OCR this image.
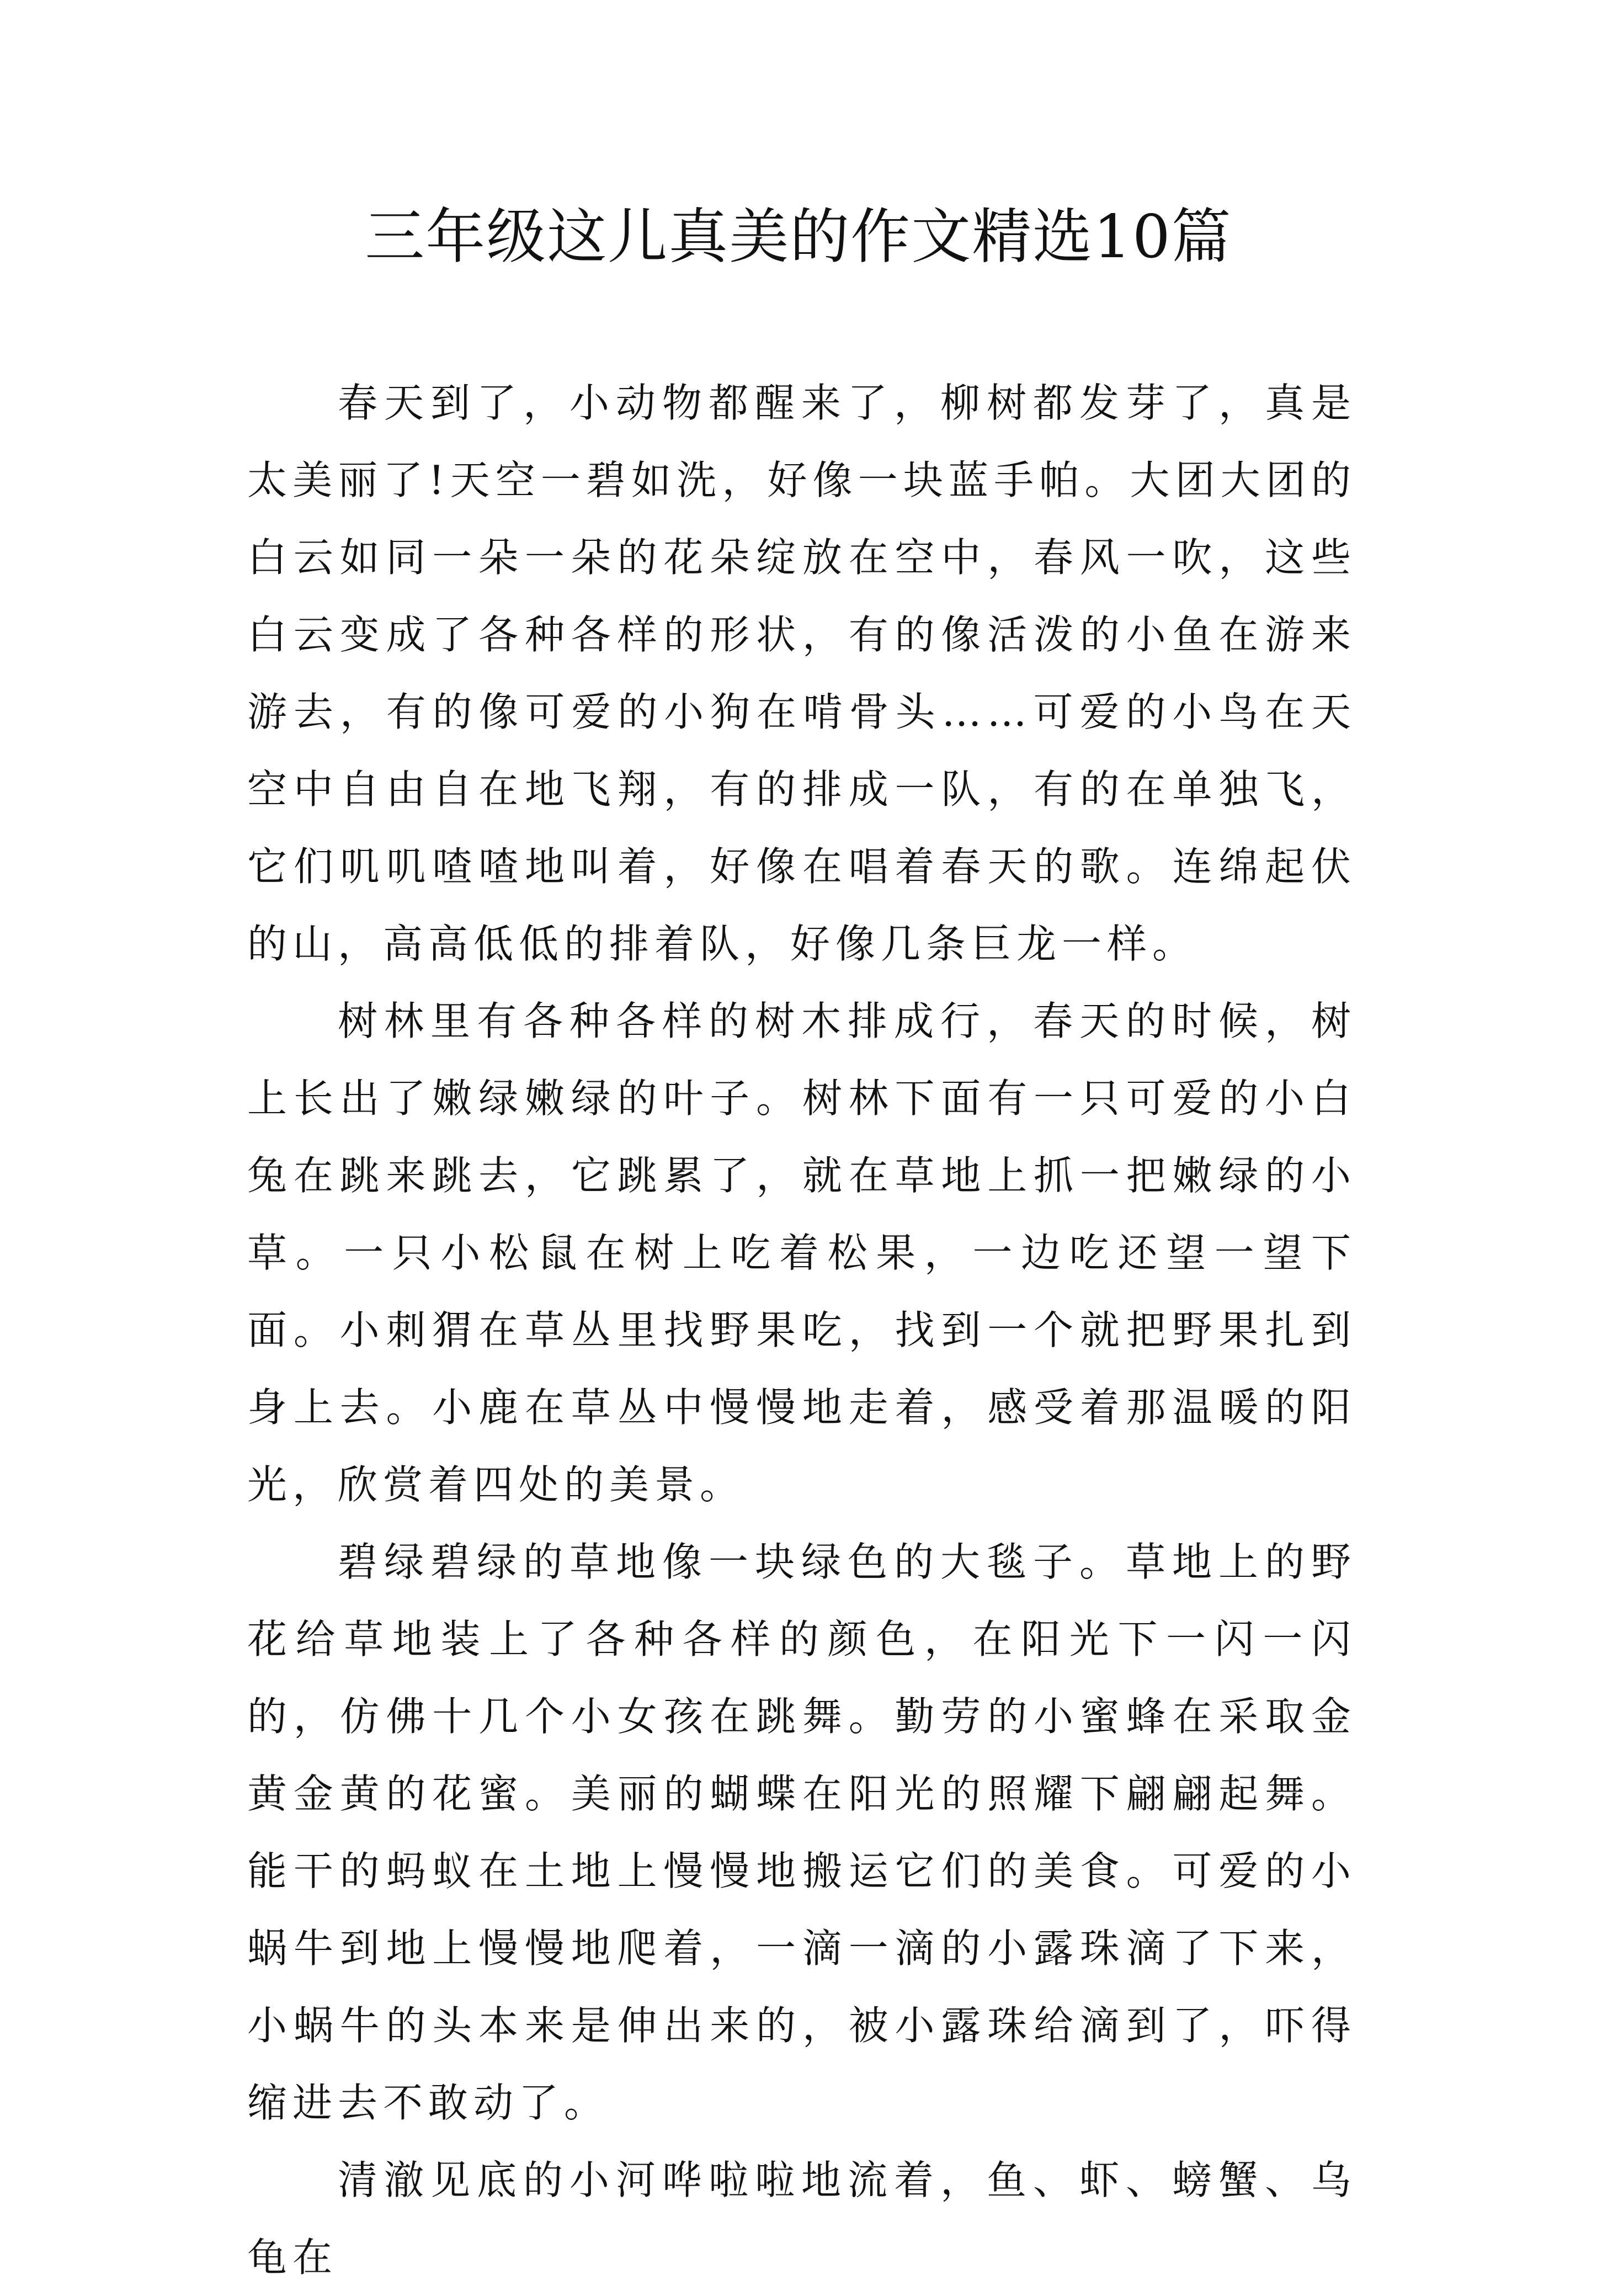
三年级这儿真美的作文精选10篇

春天到了，小动物都醒来了，柳树都发芽了，真是太美丽了!天空一碧如洗，好像一块蓝手帕。大团大团的白云如同一朵一朵的花朵绽放在空中，春风一吹，这些白云变成了各种各样的形状，有的像活泼的小鱼在游来游去，有的像可爱的小狗在啃骨头……可爱的小鸟在天空中自由自在地飞翔，有的排成一队，有的在单独飞，它们叽叽喳喳地叫着，好像在唱着春天的歌。连绵起伏的山，高高低低的排着队，好像几条巨龙一样。

树林里有各种各样的树木排成行，春天的时候，树上长出了嫩绿嫩绿的叶子。树林下面有一只可爱的小白兔在跳来跳去，它跳累了，就在草地上抓一把嫩绿的小草。一只小松鼠在树上吃着松果，一边吃还望一望下面。小刺猬在草丛里找野果吃，找到一个就把野果扎到身上去。小鹿在草丛中慢慢地走着，感受着那温暖的阳光，欣赏着四处的美景。

碧绿碧绿的草地像一块绿色的大毯子。草地上的野花给草地装上了各种各样的颜色，在阳光下一闪一闪的，仿佛十几个小女孩在跳舞。勤劳的小蜜蜂在采取金黄金黄的花蜜。美丽的蝴蝶在阳光的照耀下翩翩起舞。能干的蚂蚁在土地上慢慢地搬运它们的美食。可爱的小蜗牛到地上慢慢地爬着，一滴一滴的小露珠滴了下来，小蜗牛的头本来是伸出来的，被小露珠给滴到了，吓得缩进去不敢动了。

清澈见底的小河哗啦啦地流着，鱼、虾、螃蟹、乌龟在
